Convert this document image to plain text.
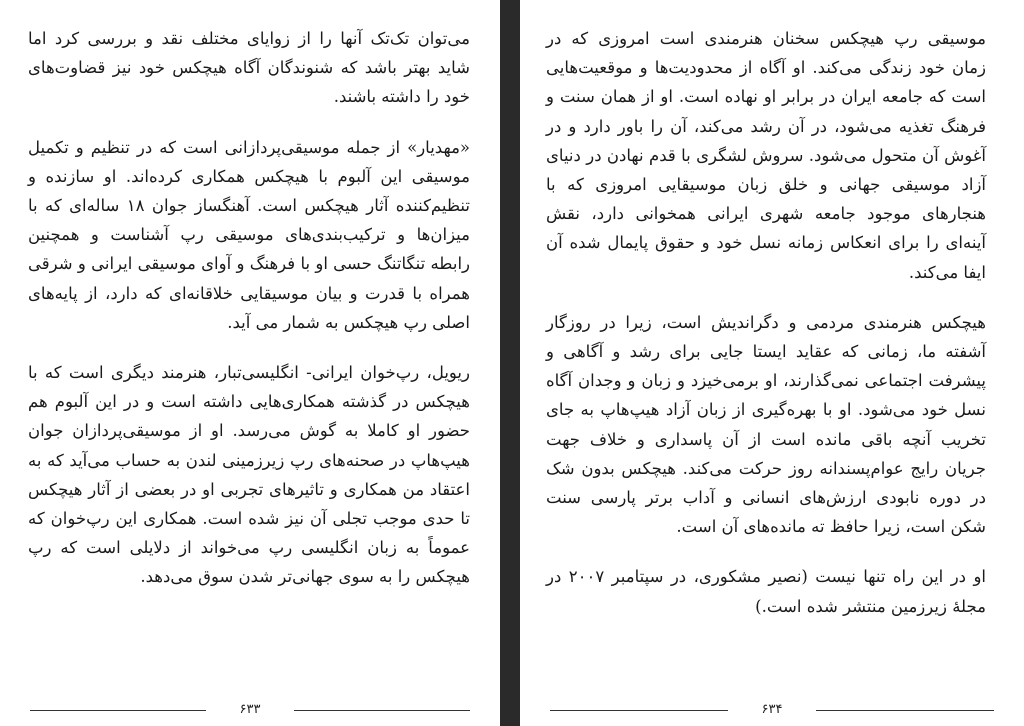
می‌توان تک‌تک آنها را از زوایای مختلف نقد و بررسی کرد اما شاید بهتر باشد که شنوندگان آگاه هیچکس خود نیز قضاوت‌های خود را داشته باشند.

«مهدیار» از جمله موسیقی‌پردازانی است که در تنظیم و تکمیل موسیقی این آلبوم با هیچکس همکاری کرده‌اند. او سازنده و تنظیم‌کننده آثار هیچکس است. آهنگساز جوان ۱۸ ساله‌ای که با میزان‌ها و ترکیب‌بندی‌های موسیقی رپ آشناست و همچنین رابطه تنگاتنگ حسی او با فرهنگ و آوای موسیقی ایرانی و شرقی همراه با قدرت و بیان موسیقایی خلاقانه‌ای که دارد، از پایه‌های اصلی رپ هیچکس به شمار می آید.

ریویل، رپ‌خوان ایرانی- انگلیسی‌تبار، هنرمند دیگری است که با هیچکس در گذشته همکاری‌هایی داشته است و در این آلبوم هم حضور او کاملا به گوش می‌رسد. او از موسیقی‌پردازان جوان هیپ‌هاپ در صحنه‌های رپ زیرزمینی لندن به حساب می‌آید که به اعتقاد من همکاری و تاثیرهای تجربی او در بعضی از آثار هیچکس تا حدی موجب تجلی آن نیز شده است. همکاری این رپ‌خوان که عموماً به زبان انگلیسی رپ می‌خواند از دلایلی است که رپ هیچکس را به سوی جهانی‌تر شدن سوق می‌دهد.

۶۳۳

موسیقی رپ هیچکس سخنان هنرمندی است امروزی که در زمان خود زندگی می‌کند. او آگاه از محدودیت‌ها و موقعیت‌هایی است که جامعه ایران در برابر او نهاده است. او از همان سنت و فرهنگ تغذیه می‌شود، در آن رشد می‌کند، آن را باور دارد و در آغوش آن متحول می‌شود. سروش لشگری با قدم نهادن در دنیای آزاد موسیقی جهانی و خلق زبان موسیقایی امروزی که با هنجارهای موجود جامعه شهری ایرانی همخوانی دارد، نقش آینه‌ای را برای انعکاس زمانه نسل خود و حقوق پایمال شده آن ایفا می‌کند.

هیچکس هنرمندی مردمی و دگراندیش است، زیرا در روزگار آشفته ما، زمانی که عقاید ایستا جایی برای رشد و آگاهی و پیشرفت اجتماعی نمی‌گذارند، او برمی‌خیزد و زبان و وجدان آگاه نسل خود می‌شود. او با بهره‌گیری از زبان آزاد هیپ‌هاپ به جای تخریب آنچه باقی مانده است از آن پاسداری و خلاف جهت جریان رایج عوام‌پسندانه روز حرکت می‌کند. هیچکس بدون شک در دوره نابودی ارزش‌های انسانی و آداب برتر پارسی سنت شکن است، زیرا حافظ ته مانده‌های آن است.

او در این راه تنها نیست (نصیر مشکوری، در سپتامبر ۲۰۰۷ در مجلهٔ زیرزمین منتشر شده است.)

۶۳۴
